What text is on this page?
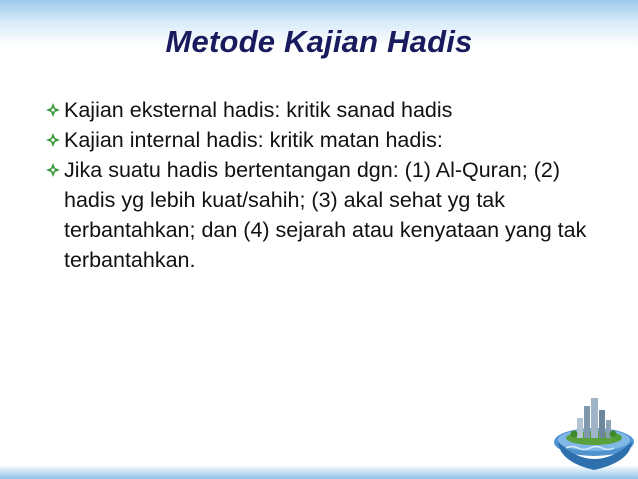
Metode Kajian Hadis
Kajian eksternal hadis: kritik sanad hadis
Kajian internal hadis: kritik matan hadis:
Jika suatu hadis bertentangan dgn: (1) Al-Quran; (2) hadis yg lebih kuat/sahih; (3) akal sehat yg tak terbantahkan; dan (4) sejarah atau kenyataan yang tak terbantahkan.
